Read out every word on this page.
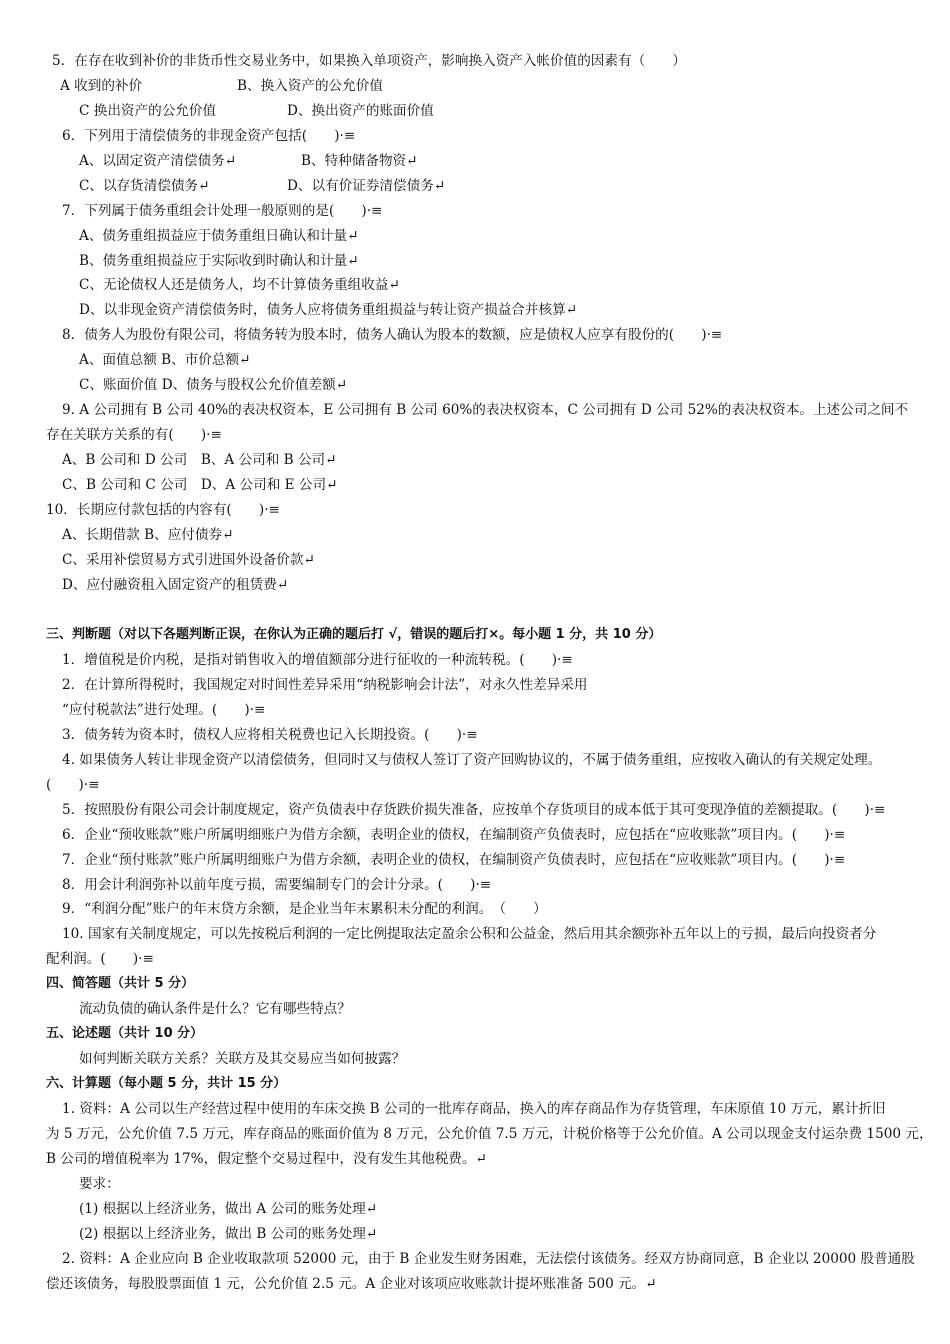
5．在存在收到补价的非货币性交易业务中，如果换入单项资产，影响换入资产入帐价值的因素有（　　）
A 收到的补价	B、换入资产的公允价值
C 换出资产的公允价值	D、换出资产的账面价值
6．下列用于清偿债务的非现金资产包括(　　)·≡
A、以固定资产清偿债务↵	B、特种储备物资↵
C、以存货清偿债务↵	D、以有价证券清偿债务↵
7．下列属于债务重组会计处理一般原则的是(　　)·≡
A、债务重组损益应于债务重组日确认和计量↵
B、债务重组损益应于实际收到时确认和计量↵
C、无论债权人还是债务人，均不计算债务重组收益↵
D、以非现金资产清偿债务时，债务人应将债务重组损益与转让资产损益合并核算↵
8．债务人为股份有限公司，将债务转为股本时，债务人确认为股本的数额，应是债权人应享有股份的(　　)·≡
A、面值总额 B、市价总额↵
C、账面价值 D、债务与股权公允价值差额↵
9. A 公司拥有 B 公司 40%的表决权资本，E 公司拥有 B 公司 60%的表决权资本，C 公司拥有 D 公司 52%的表决权资本。上述公司之间不
存在关联方关系的有(　　)·≡
A、B 公司和 D 公司　B、A 公司和 B 公司↵
C、B 公司和 C 公司　D、A 公司和 E 公司↵
10．长期应付款包括的内容有(　　)·≡
A、长期借款 B、应付债券↵
C、采用补偿贸易方式引进国外设备价款↵
D、应付融资租入固定资产的租赁费↵
三、判断题（对以下各题判断正误，在你认为正确的题后打 √，错误的题后打×。每小题 1 分，共 10 分）
1．增值税是价内税，是指对销售收入的增值额部分进行征收的一种流转税。(　　)·≡
2．在计算所得税时，我国规定对时间性差异采用“纳税影响会计法”，对永久性差异采用
“应付税款法”进行处理。(　　)·≡
3．债务转为资本时，债权人应将相关税费也记入长期投资。(　　)·≡
4. 如果债务人转让非现金资产以清偿债务，但同时又与债权人签订了资产回购协议的，不属于债务重组，应按收入确认的有关规定处理。
(　　)·≡
5．按照股份有限公司会计制度规定，资产负债表中存货跌价损失准备，应按单个存货项目的成本低于其可变现净值的差额提取。(　　)·≡
6．企业“预收账款”账户所属明细账户为借方余额，表明企业的债权，在编制资产负债表时，应包括在“应收账款”项目内。(　　)·≡
7．企业“预付账款”账户所属明细账户为借方余额，表明企业的债权，在编制资产负债表时，应包括在“应收账款”项目内。(　　)·≡
8．用会计利润弥补以前年度亏损，需要编制专门的会计分录。(　　)·≡
9．“利润分配”账户的年末贷方余额，是企业当年末累积未分配的利润。　（　　）
10. 国家有关制度规定，可以先按税后利润的一定比例提取法定盈余公积和公益金，然后用其余额弥补五年以上的亏损，最后向投资者分
配利润。(　　)·≡
四、简答题（共计 5 分）
流动负债的确认条件是什么？它有哪些特点？
五、论述题（共计 10 分）
如何判断关联方关系？关联方及其交易应当如何披露？
六、计算题（每小题 5 分，共计 15 分）
1. 资料：A 公司以生产经营过程中使用的车床交换 B 公司的一批库存商品，换入的库存商品作为存货管理，车床原值 10 万元，累计折旧
为 5 万元，公允价值 7.5 万元，库存商品的账面价值为 8 万元，公允价值 7.5 万元，计税价格等于公允价值。A 公司以现金支付运杂费 1500 元，
B 公司的增值税率为 17%，假定整个交易过程中，没有发生其他税费。↵
要求：
(1) 根据以上经济业务，做出 A 公司的账务处理↵
(2) 根据以上经济业务，做出 B 公司的账务处理↵
2. 资料：A 企业应向 B 企业收取款项 52000 元，由于 B 企业发生财务困难，无法偿付该债务。经双方协商同意，B 企业以 20000 股普通股
偿还该债务，每股股票面值 1 元，公允价值 2.5 元。A 企业对该项应收账款计提坏账准备 500 元。↵
